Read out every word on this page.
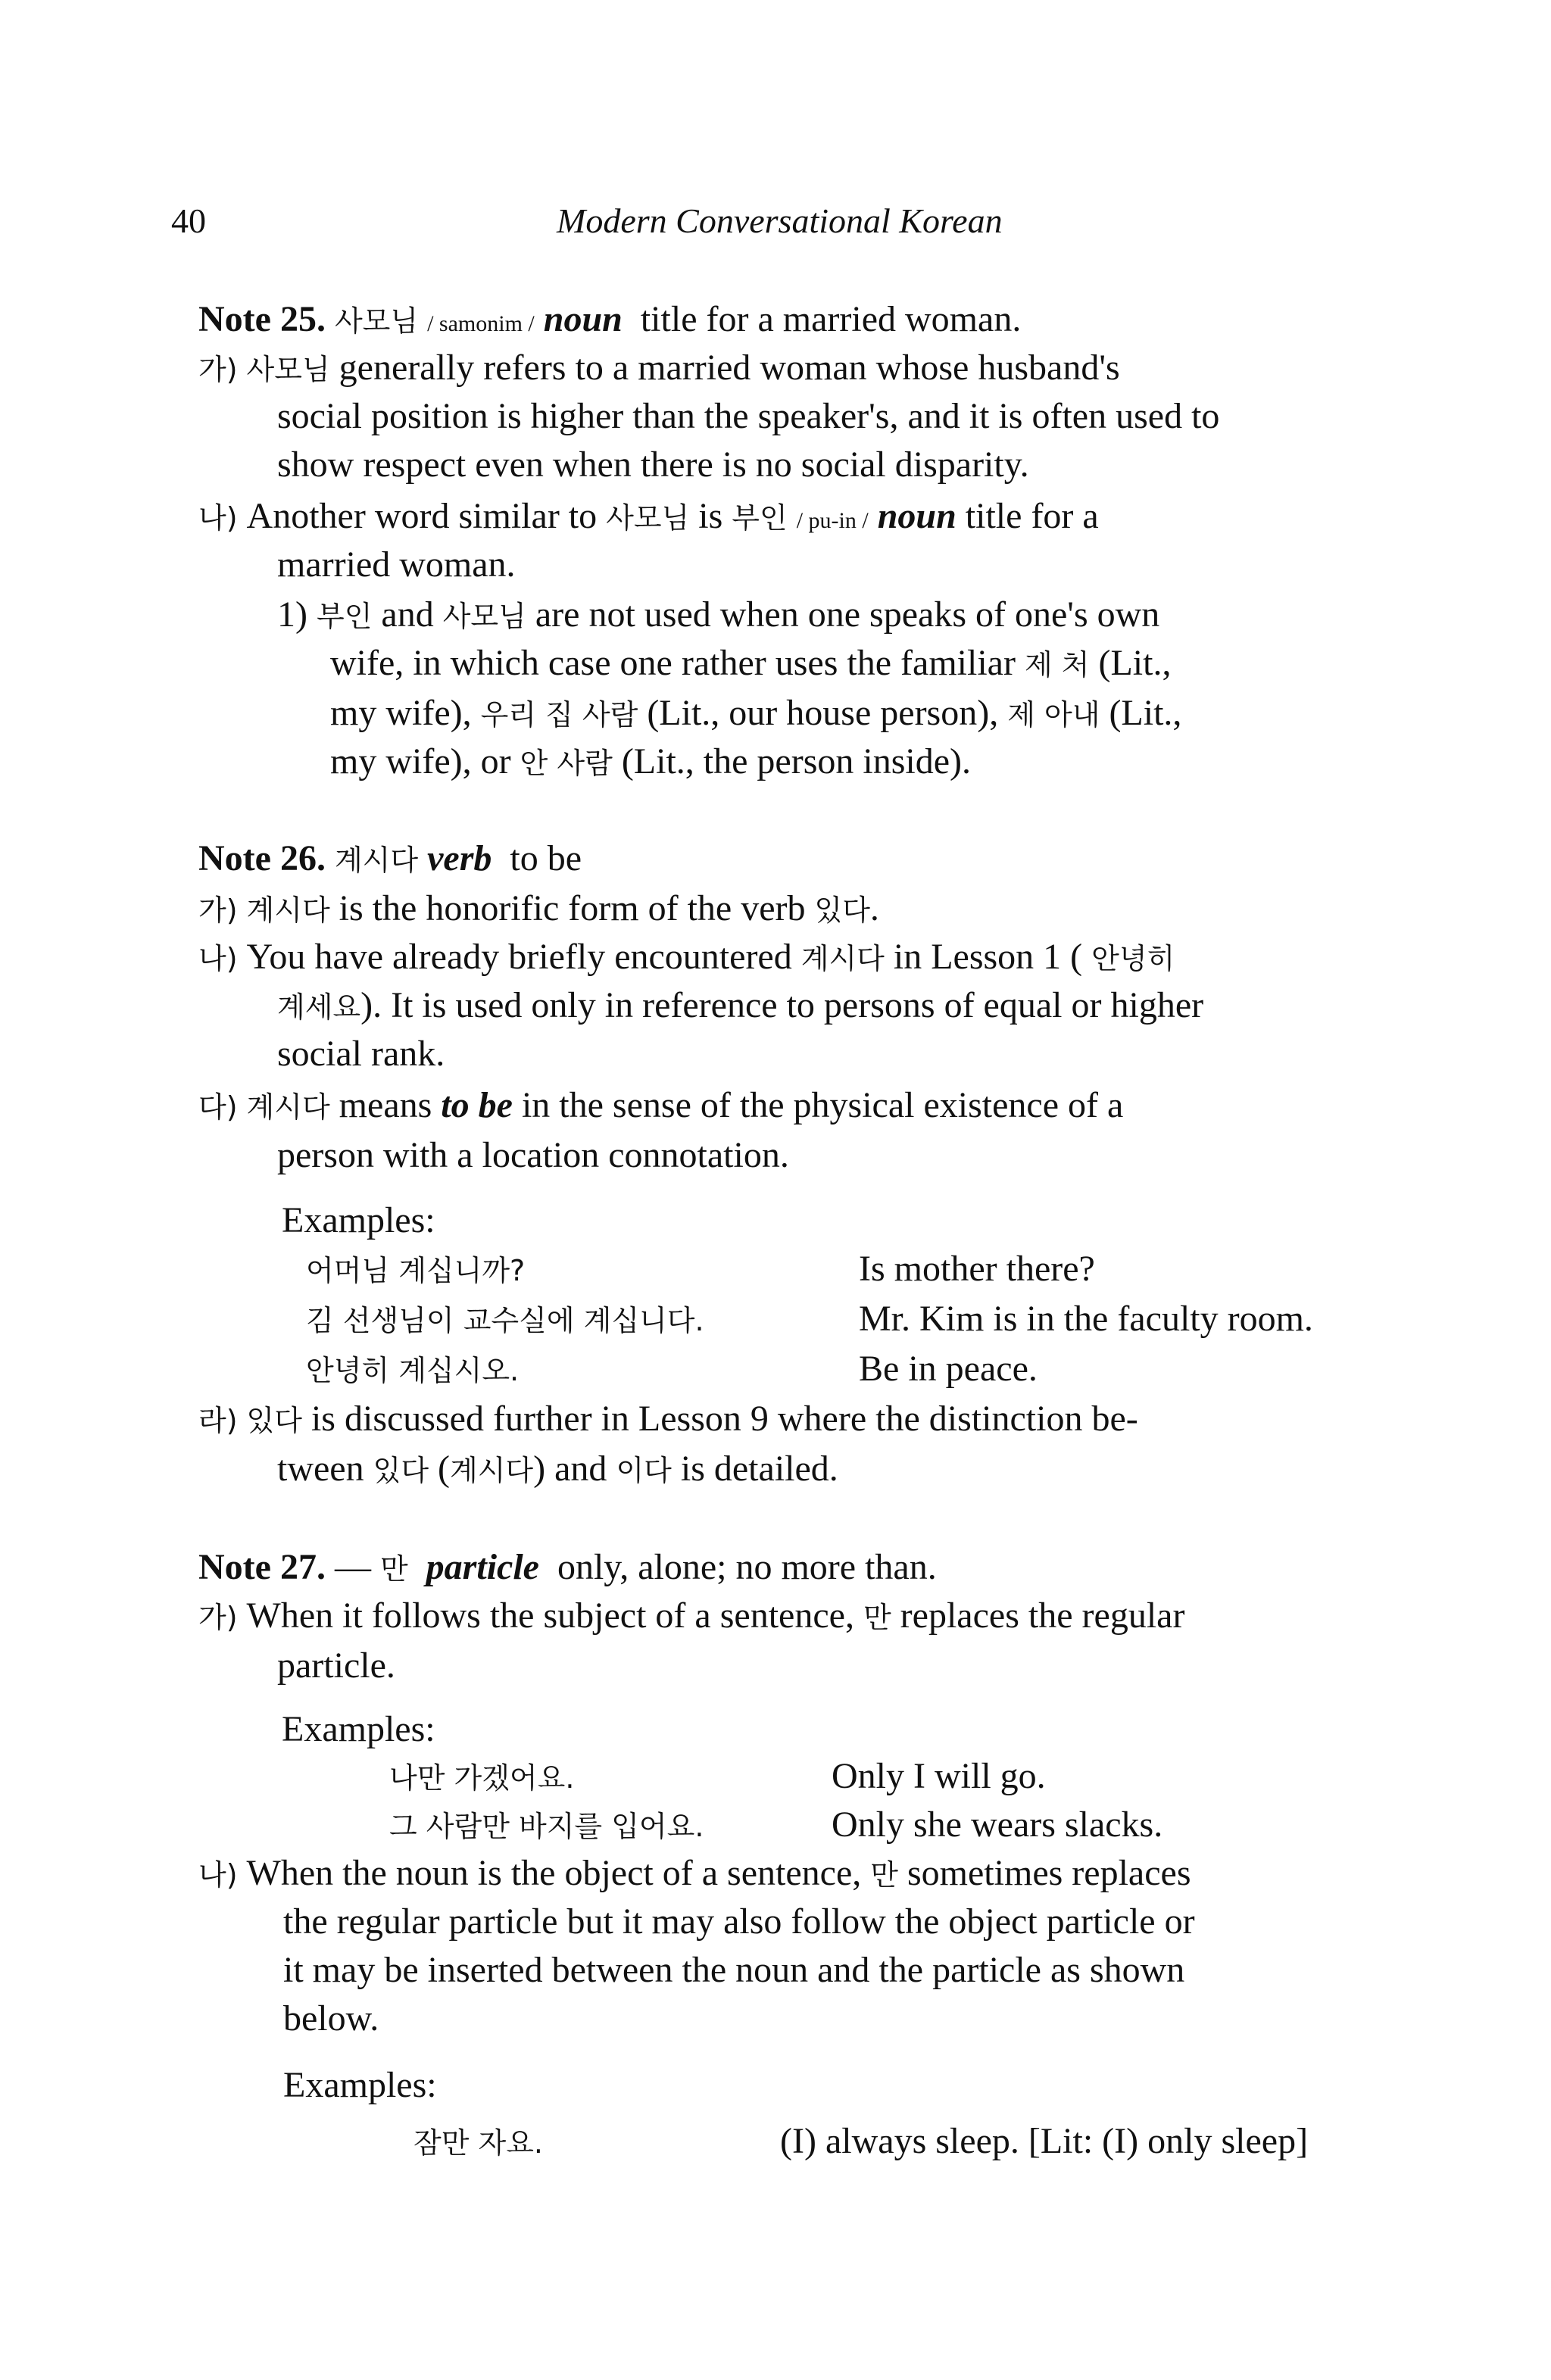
40	Modern Conversational Korean
Note 25. 사모님 / samonim / noun title for a married woman.
가) 사모님 generally refers to a married woman whose husband's
social position is higher than the speaker's, and it is often used to
show respect even when there is no social disparity.
나) Another word similar to 사모님 is 부인 / pu-in / noun title for a
married woman.
1) 부인 and 사모님 are not used when one speaks of one's own
wife, in which case one rather uses the familiar 제 처 (Lit.,
my wife), 우리 집 사람 (Lit., our house person), 제 아내 (Lit.,
my wife), or 안 사람 (Lit., the person inside).
Note 26. 계시다 verb to be
가) 계시다 is the honorific form of the verb 있다.
나) You have already briefly encountered 계시다 in Lesson 1 ( 안녕히
계세요). It is used only in reference to persons of equal or higher
social rank.
다) 계시다 means to be in the sense of the physical existence of a
person with a location connotation.
Examples:
어머님 계십니까?	Is mother there?
김 선생님이 교수실에 계십니다.	Mr. Kim is in the faculty room.
안녕히 계십시오.	Be in peace.
라) 있다 is discussed further in Lesson 9 where the distinction be-
tween 있다 (계시다) and 이다 is detailed.
Note 27. — 만 particle only, alone; no more than.
가) When it follows the subject of a sentence, 만 replaces the regular
particle.
Examples:
나만 가겠어요.	Only I will go.
그 사람만 바지를 입어요.	Only she wears slacks.
나) When the noun is the object of a sentence, 만 sometimes replaces
the regular particle but it may also follow the object particle or
it may be inserted between the noun and the particle as shown
below.
Examples:
잠만 자요.	(I) always sleep. [Lit: (I) only sleep]
